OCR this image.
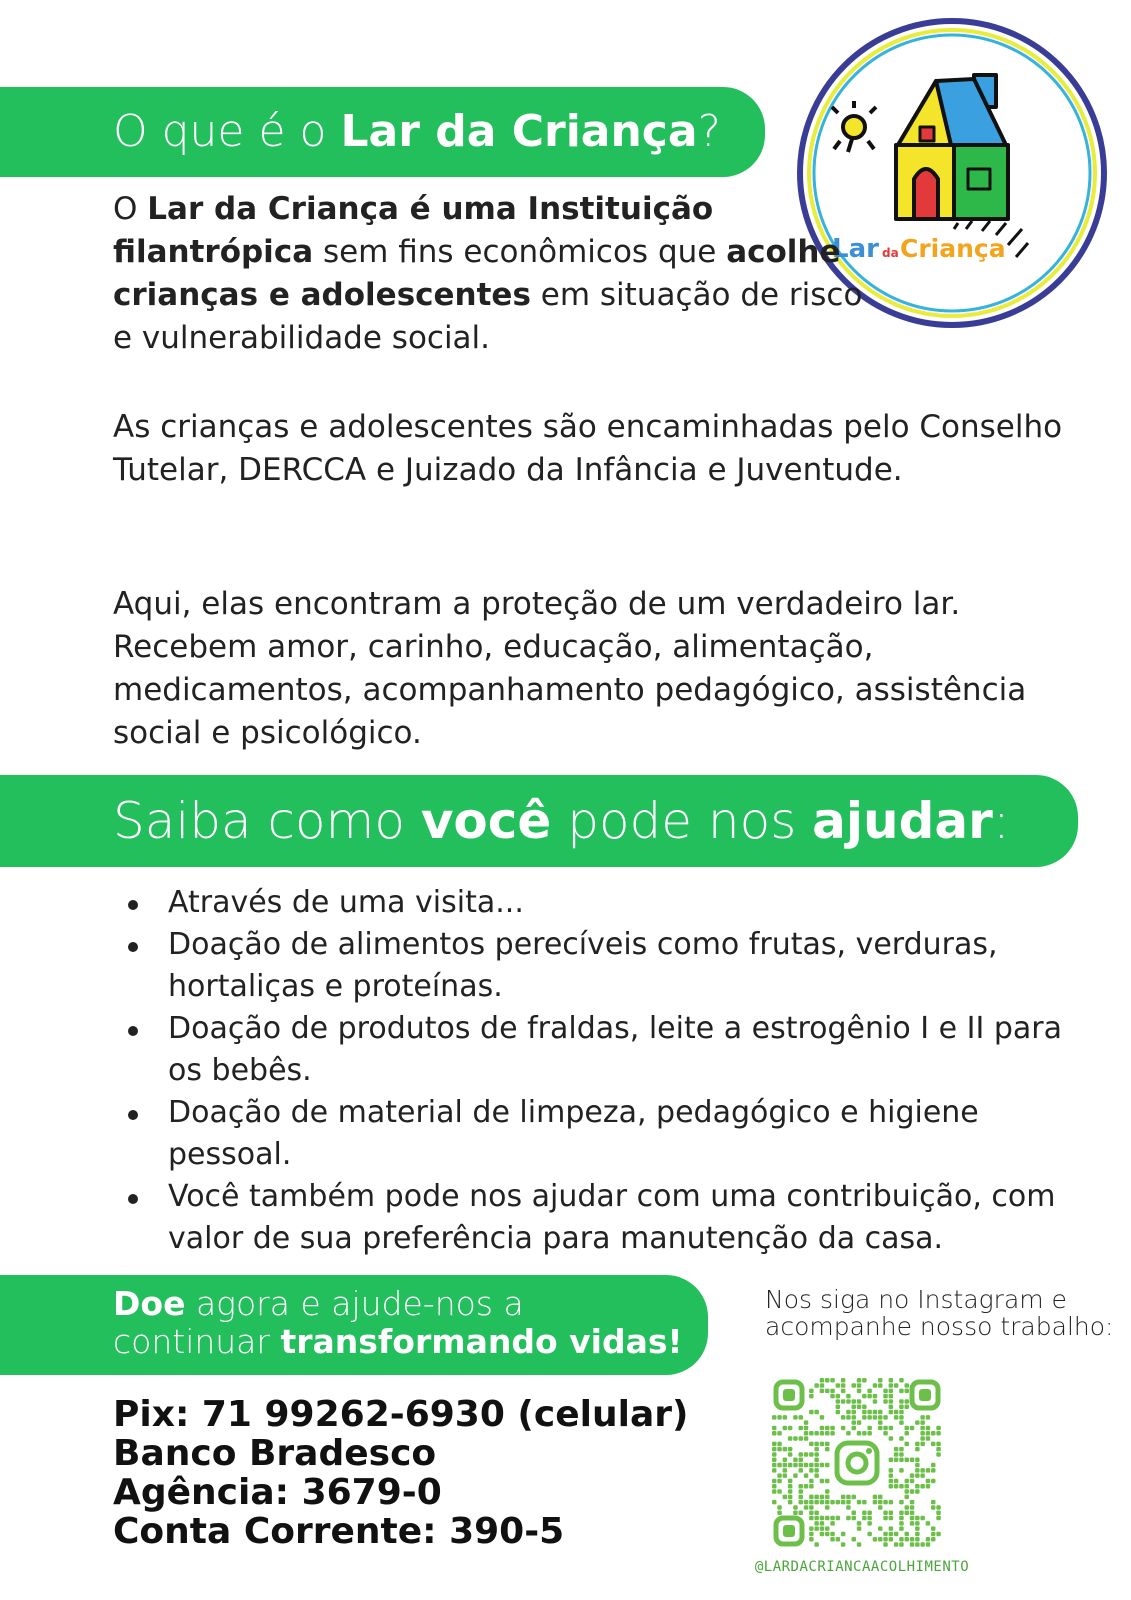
O que é o Lar da Criança?
Lar da Criança
O Lar da Criança é uma Instituição filantrópica sem fins econômicos que acolhe crianças e adolescentes em situação de risco e vulnerabilidade social.
As crianças e adolescentes são encaminhadas pelo Conselho Tutelar, DERCCA e Juizado da Infância e Juventude.
Aqui, elas encontram a proteção de um verdadeiro lar. Recebem amor, carinho, educação, alimentação, medicamentos, acompanhamento pedagógico, assistência social e psicológico.
Saiba como você pode nos ajudar:
Através de uma visita...
Doação de alimentos perecíveis como frutas, verduras, hortaliças e proteínas.
Doação de produtos de fraldas, leite a estrogênio I e II para os bebês.
Doação de material de limpeza, pedagógico e higiene pessoal.
Você também pode nos ajudar com uma contribuição, com valor de sua preferência para manutenção da casa.
Doe agora e ajude-nos a
continuar transformando vidas!
Pix: 71 99262-6930 (celular)
Banco Bradesco
Agência: 3679-0
Conta Corrente: 390-5
Nos siga no Instagram e acompanhe nosso trabalho:
@LARDACRIANCAACOLHIMENTO
